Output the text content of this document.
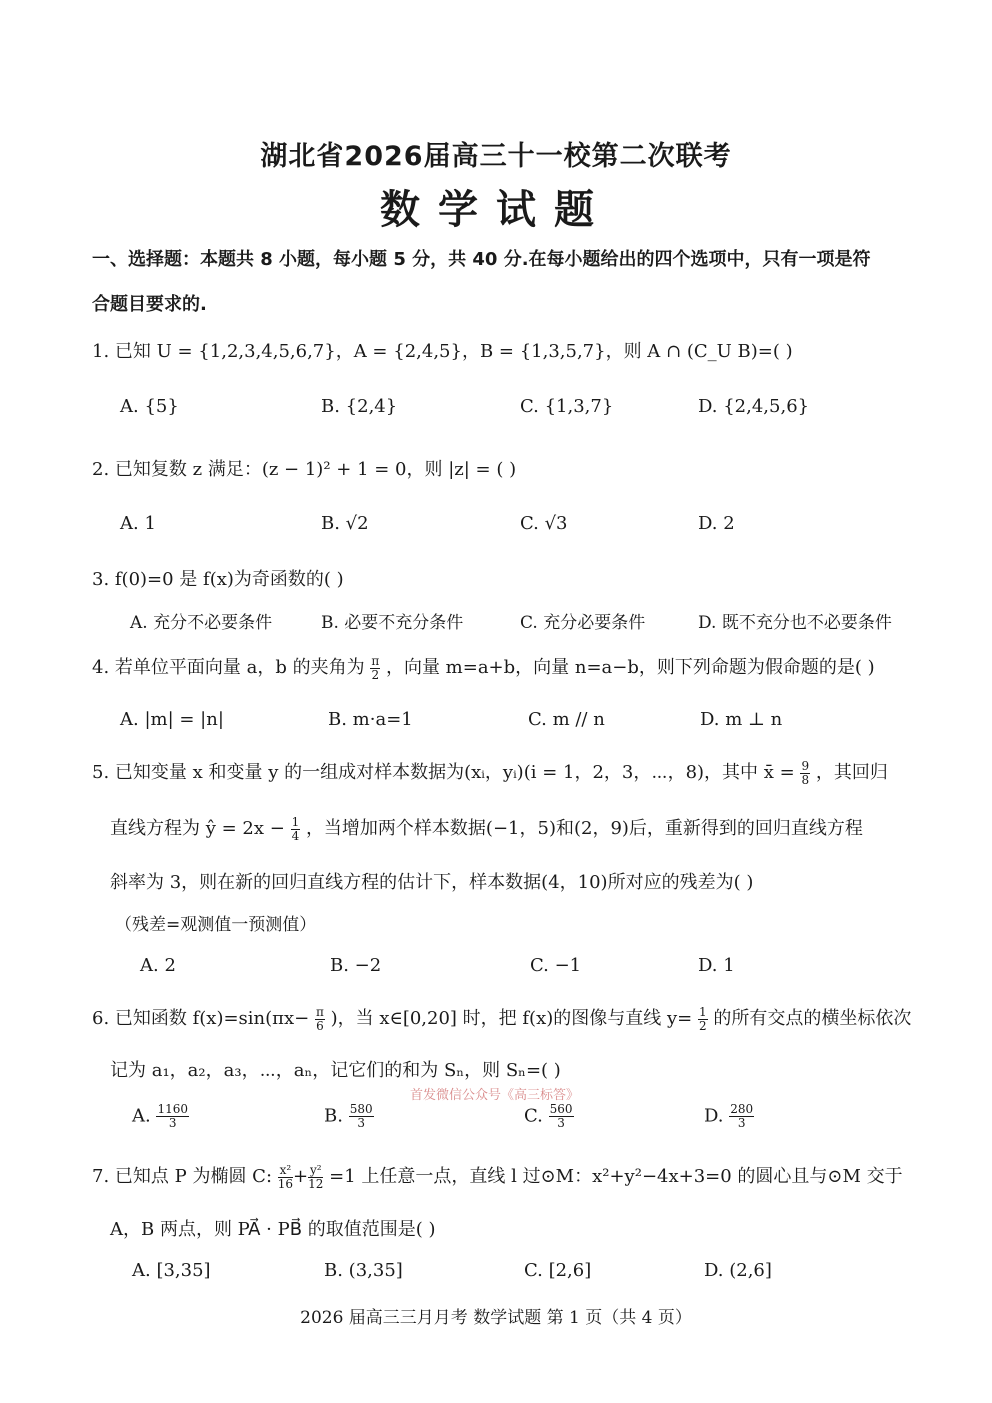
湖北省2026届高三十一校第二次联考
数学试题
一、选择题：本题共 8 小题，每小题 5 分，共 40 分.在每小题给出的四个选项中，只有一项是符
合题目要求的.
1. 已知 U = {1,2,3,4,5,6,7}，A = {2,4,5}，B = {1,3,5,7}，则 A ∩ (C_U B)=( )
A. {5}	B. {2,4}	C. {1,3,7}	D. {2,4,5,6}
2. 已知复数 z 满足：(z − 1)² + 1 = 0，则 |z| = ( )
A. 1	B. √2	C. √3	D. 2
3. f(0)=0 是 f(x)为奇函数的( )
A. 充分不必要条件	B. 必要不充分条件	C. 充分必要条件	D. 既不充分也不必要条件
4. 若单位平面向量 a，b 的夹角为 $\frac{\pi}{2}$ ，向量 m=a+b，向量 n=a−b，则下列命题为假命题的是( )
A. |m| = |n|	B. m·a=1	C. m // n	D. m ⊥ n
5. 已知变量 x 和变量 y 的一组成对样本数据为(xᵢ，yᵢ)(i = 1，2，3，⋯，8)，其中 x̄ = $\frac{9}{8}$ ，其回归
直线方程为 ŷ = $2x - \frac{1}{4}$ ，当增加两个样本数据(−1，5)和(2，9)后，重新得到的回归直线方程
斜率为 3，则在新的回归直线方程的估计下，样本数据(4，10)所对应的残差为( )
（残差=观测值一预测值）
A. 2	B. −2	C. −1	D. 1
6. 已知函数 $f(x)=\sin(\pi x- \frac{\pi}{6}$ )，当 x∈[0,20] 时，把 f(x)的图像与直线 $y= \frac{1}{2}$ 的所有交点的横坐标依次
记为 a₁，a₂，a₃，⋯，aₙ，记它们的和为 Sₙ，则 Sₙ=( )
首发微信公众号《高三标答》
A. $\frac{1160}{3}$	B. $\frac{580}{3}$	C. $\frac{560}{3}$	D. $\frac{280}{3}$
7. 已知点 P 为椭圆 C: $\frac{\text{x²}}{16} + \frac{\text{y²}}{12} =1$ 上任意一点，直线 l 过⊙M：x²+y²−4x+3=0 的圆心且与⊙M 交于
A，B 两点，则 PA⃗ · PB⃗ 的取值范围是( )
A. [3,35]	B. (3,35]	C. [2,6]	D. (2,6]
2026 届高三三月月考 数学试题 第 1 页（共 4 页）
